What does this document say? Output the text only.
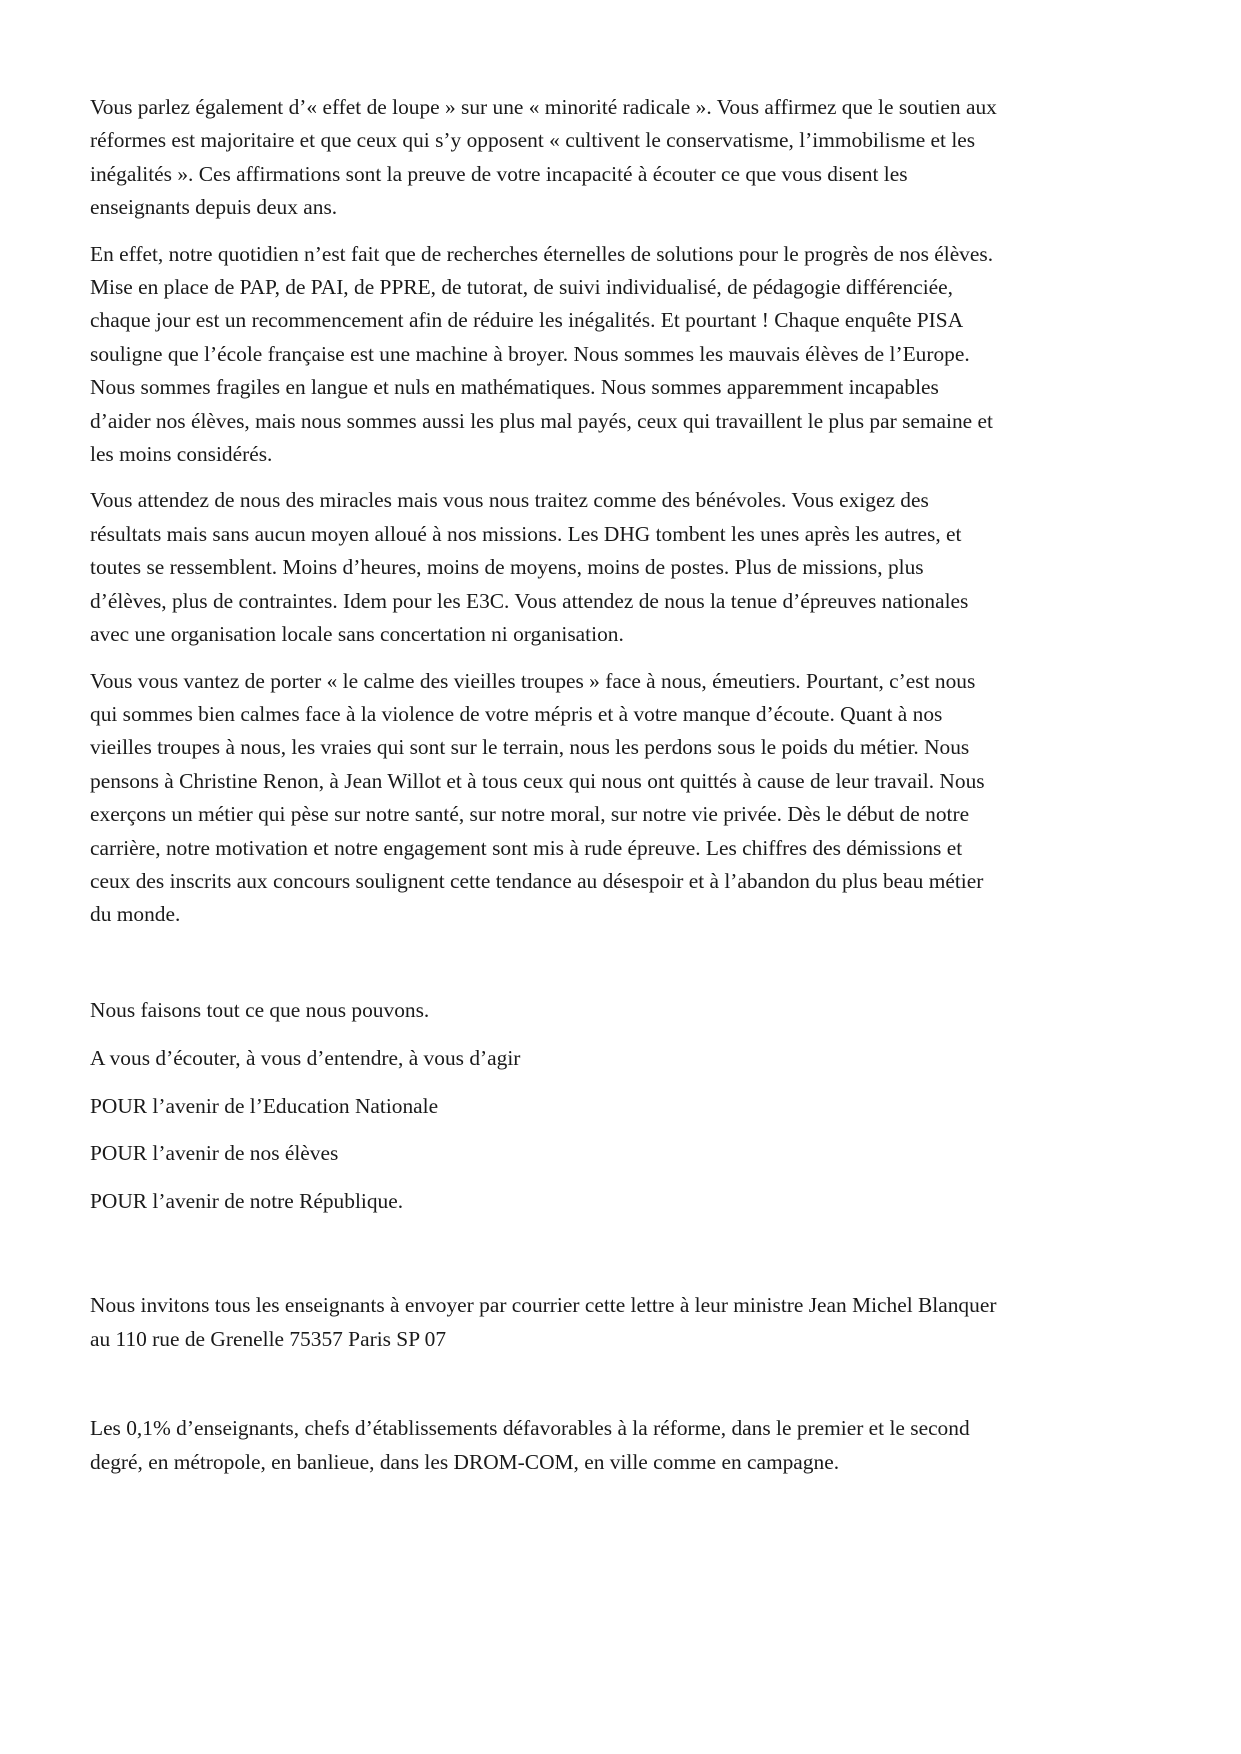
Vous parlez également d’« effet de loupe » sur une « minorité radicale ». Vous affirmez que le soutien aux
réformes est majoritaire et que ceux qui s’y opposent « cultivent le conservatisme, l’immobilisme et les
inégalités ». Ces affirmations sont la preuve de votre incapacité à écouter ce que vous disent les
enseignants depuis deux ans.

En effet, notre quotidien n’est fait que de recherches éternelles de solutions pour le progrès de nos élèves.
Mise en place de PAP, de PAI, de PPRE, de tutorat, de suivi individualisé, de pédagogie différenciée,
chaque jour est un recommencement afin de réduire les inégalités. Et pourtant ! Chaque enquête PISA
souligne que l’école française est une machine à broyer. Nous sommes les mauvais élèves de l’Europe.
Nous sommes fragiles en langue et nuls en mathématiques. Nous sommes apparemment incapables
d’aider nos élèves, mais nous sommes aussi les plus mal payés, ceux qui travaillent le plus par semaine et
les moins considérés.

Vous attendez de nous des miracles mais vous nous traitez comme des bénévoles. Vous exigez des
résultats mais sans aucun moyen alloué à nos missions. Les DHG tombent les unes après les autres, et
toutes se ressemblent. Moins d’heures, moins de moyens, moins de postes. Plus de missions, plus
d’élèves, plus de contraintes. Idem pour les E3C. Vous attendez de nous la tenue d’épreuves nationales
avec une organisation locale sans concertation ni organisation.

Vous vous vantez de porter « le calme des vieilles troupes » face à nous, émeutiers. Pourtant, c’est nous
qui sommes bien calmes face à la violence de votre mépris et à votre manque d’écoute. Quant à nos
vieilles troupes à nous, les vraies qui sont sur le terrain, nous les perdons sous le poids du métier. Nous
pensons à Christine Renon, à Jean Willot et à tous ceux qui nous ont quittés à cause de leur travail. Nous
exerçons un métier qui pèse sur notre santé, sur notre moral, sur notre vie privée. Dès le début de notre
carrière, notre motivation et notre engagement sont mis à rude épreuve. Les chiffres des démissions et
ceux des inscrits aux concours soulignent cette tendance au désespoir et à l’abandon du plus beau métier
du monde.

Nous faisons tout ce que nous pouvons.

A vous d’écouter, à vous d’entendre, à vous d’agir

POUR l’avenir de l’Education Nationale

POUR l’avenir de nos élèves

POUR l’avenir de notre République.

Nous invitons tous les enseignants à envoyer par courrier cette lettre à leur ministre Jean Michel Blanquer
au 110 rue de Grenelle 75357 Paris SP 07

Les 0,1% d’enseignants, chefs d’établissements défavorables à la réforme, dans le premier et le second
degré, en métropole, en banlieue, dans les DROM-COM, en ville comme en campagne.
